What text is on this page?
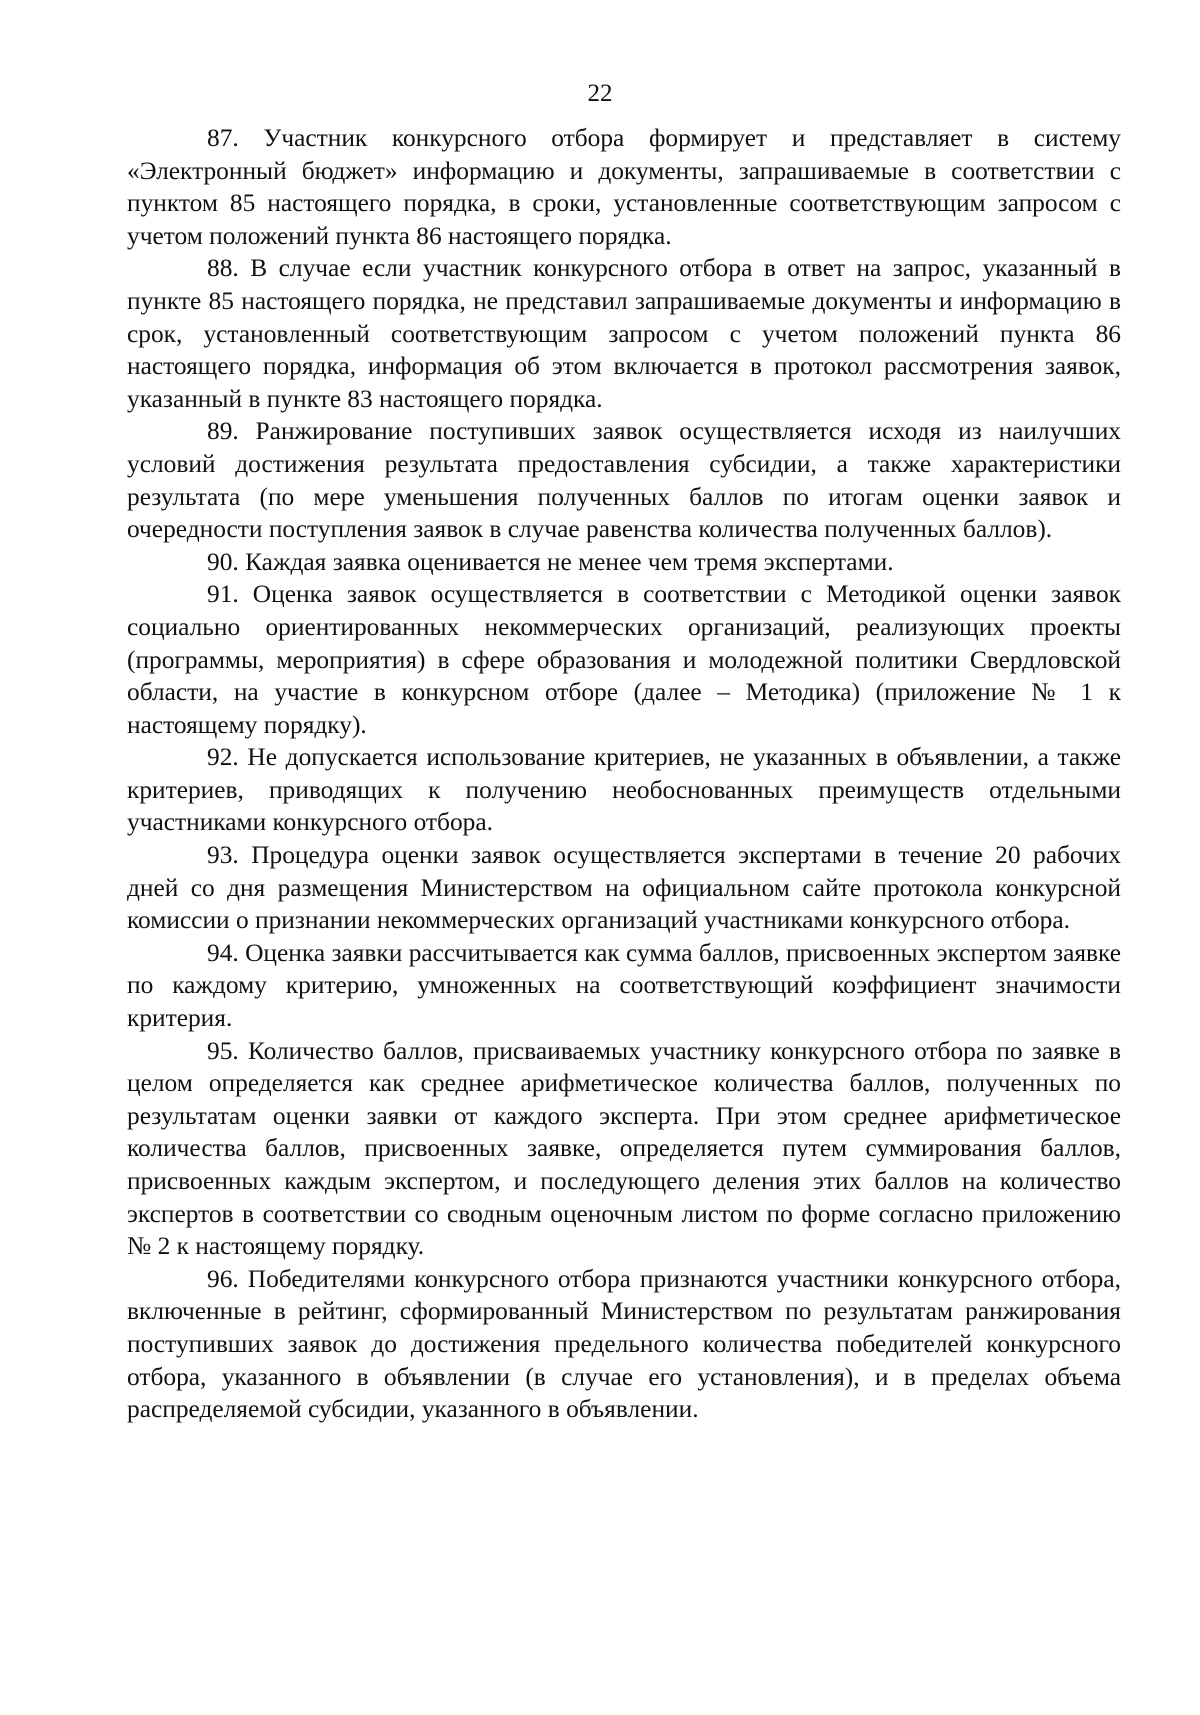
22

87. Участник конкурсного отбора формирует и представляет в систему «Электронный бюджет» информацию и документы, запрашиваемые в соответствии с пунктом 85 настоящего порядка, в сроки, установленные соответствующим запросом с учетом положений пункта 86 настоящего порядка.

88. В случае если участник конкурсного отбора в ответ на запрос, указанный в пункте 85 настоящего порядка, не представил запрашиваемые документы и информацию в срок, установленный соответствующим запросом с учетом положений пункта 86 настоящего порядка, информация об этом включается в протокол рассмотрения заявок, указанный в пункте 83 настоящего порядка.

89. Ранжирование поступивших заявок осуществляется исходя из наилучших условий достижения результата предоставления субсидии, а также характеристики результата (по мере уменьшения полученных баллов по итогам оценки заявок и очередности поступления заявок в случае равенства количества полученных баллов).

90. Каждая заявка оценивается не менее чем тремя экспертами.

91. Оценка заявок осуществляется в соответствии с Методикой оценки заявок социально ориентированных некоммерческих организаций, реализующих проекты (программы, мероприятия) в сфере образования и молодежной политики Свердловской области, на участие в конкурсном отборе (далее – Методика) (приложение № 1 к настоящему порядку).

92. Не допускается использование критериев, не указанных в объявлении, а также критериев, приводящих к получению необоснованных преимуществ отдельными участниками конкурсного отбора.

93. Процедура оценки заявок осуществляется экспертами в течение 20 рабочих дней со дня размещения Министерством на официальном сайте протокола конкурсной комиссии о признании некоммерческих организаций участниками конкурсного отбора.

94. Оценка заявки рассчитывается как сумма баллов, присвоенных экспертом заявке по каждому критерию, умноженных на соответствующий коэффициент значимости критерия.

95. Количество баллов, присваиваемых участнику конкурсного отбора по заявке в целом определяется как среднее арифметическое количества баллов, полученных по результатам оценки заявки от каждого эксперта. При этом среднее арифметическое количества баллов, присвоенных заявке, определяется путем суммирования баллов, присвоенных каждым экспертом, и последующего деления этих баллов на количество экспертов в соответствии со сводным оценочным листом по форме согласно приложению № 2 к настоящему порядку.

96. Победителями конкурсного отбора признаются участники конкурсного отбора, включенные в рейтинг, сформированный Министерством по результатам ранжирования поступивших заявок до достижения предельного количества победителей конкурсного отбора, указанного в объявлении (в случае его установления), и в пределах объема распределяемой субсидии, указанного в объявлении.
